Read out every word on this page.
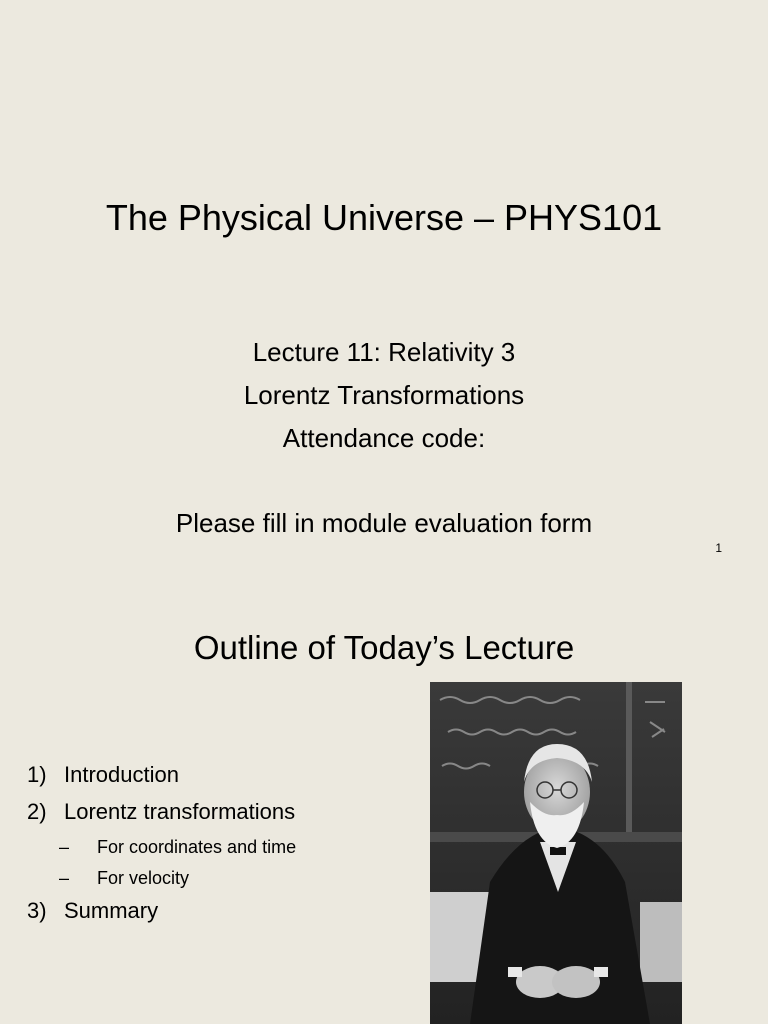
The Physical Universe – PHYS101
Lecture 11: Relativity 3
Lorentz Transformations
Attendance code:
Please fill in module evaluation form
1
Outline of Today’s Lecture
1) Introduction
2) Lorentz transformations
–	For coordinates and time
–	For velocity
3) Summary
